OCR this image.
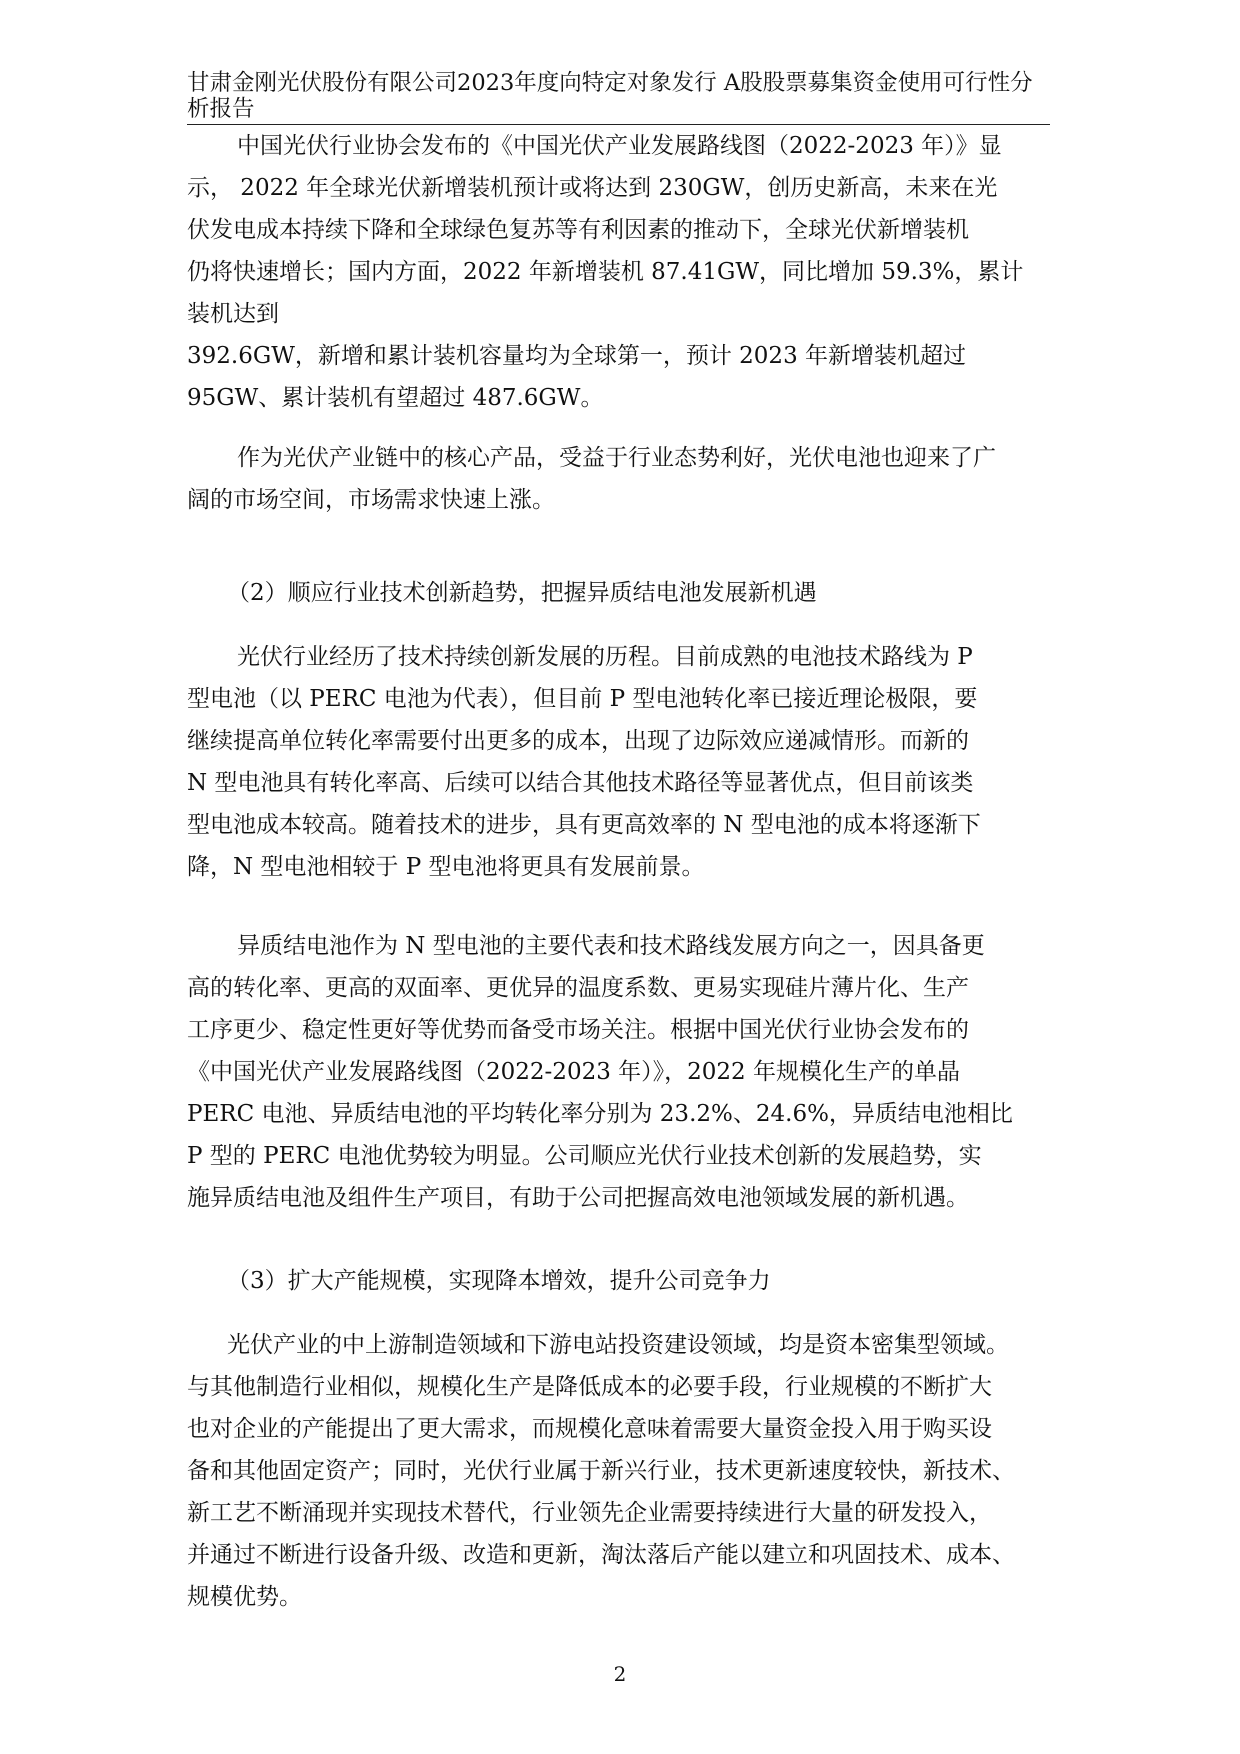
甘肃金刚光伏股份有限公司2023年度向特定对象发行 A股股票募集资金使用可行性分析报告
中国光伏行业协会发布的《中国光伏产业发展路线图（2022-2023 年）》显
示， 2022 年全球光伏新增装机预计或将达到 230GW，创历史新高，未来在光
伏发电成本持续下降和全球绿色复苏等有利因素的推动下，全球光伏新增装机
仍将快速增长；国内方面，2022 年新增装机 87.41GW，同比增加 59.3%，累计
装机达到
392.6GW，新增和累计装机容量均为全球第一，预计 2023 年新增装机超过
95GW、累计装机有望超过 487.6GW。
作为光伏产业链中的核心产品，受益于行业态势利好，光伏电池也迎来了广
阔的市场空间，市场需求快速上涨。
（2）顺应行业技术创新趋势，把握异质结电池发展新机遇
光伏行业经历了技术持续创新发展的历程。目前成熟的电池技术路线为 P
型电池（以 PERC 电池为代表），但目前 P 型电池转化率已接近理论极限，要
继续提高单位转化率需要付出更多的成本，出现了边际效应递减情形。而新的
N 型电池具有转化率高、后续可以结合其他技术路径等显著优点，但目前该类
型电池成本较高。随着技术的进步，具有更高效率的 N 型电池的成本将逐渐下
降，N 型电池相较于 P 型电池将更具有发展前景。
异质结电池作为 N 型电池的主要代表和技术路线发展方向之一，因具备更
高的转化率、更高的双面率、更优异的温度系数、更易实现硅片薄片化、生产
工序更少、稳定性更好等优势而备受市场关注。根据中国光伏行业协会发布的
《中国光伏产业发展路线图（2022-2023 年）》，2022 年规模化生产的单晶
PERC 电池、异质结电池的平均转化率分别为 23.2%、24.6%，异质结电池相比
P 型的 PERC 电池优势较为明显。公司顺应光伏行业技术创新的发展趋势，实
施异质结电池及组件生产项目，有助于公司把握高效电池领域发展的新机遇。
（3）扩大产能规模，实现降本增效，提升公司竞争力
光伏产业的中上游制造领域和下游电站投资建设领域，均是资本密集型领域。
与其他制造行业相似，规模化生产是降低成本的必要手段，行业规模的不断扩大
也对企业的产能提出了更大需求，而规模化意味着需要大量资金投入用于购买设
备和其他固定资产；同时，光伏行业属于新兴行业，技术更新速度较快，新技术、
新工艺不断涌现并实现技术替代，行业领先企业需要持续进行大量的研发投入，
并通过不断进行设备升级、改造和更新，淘汰落后产能以建立和巩固技术、成本、
规模优势。
2
